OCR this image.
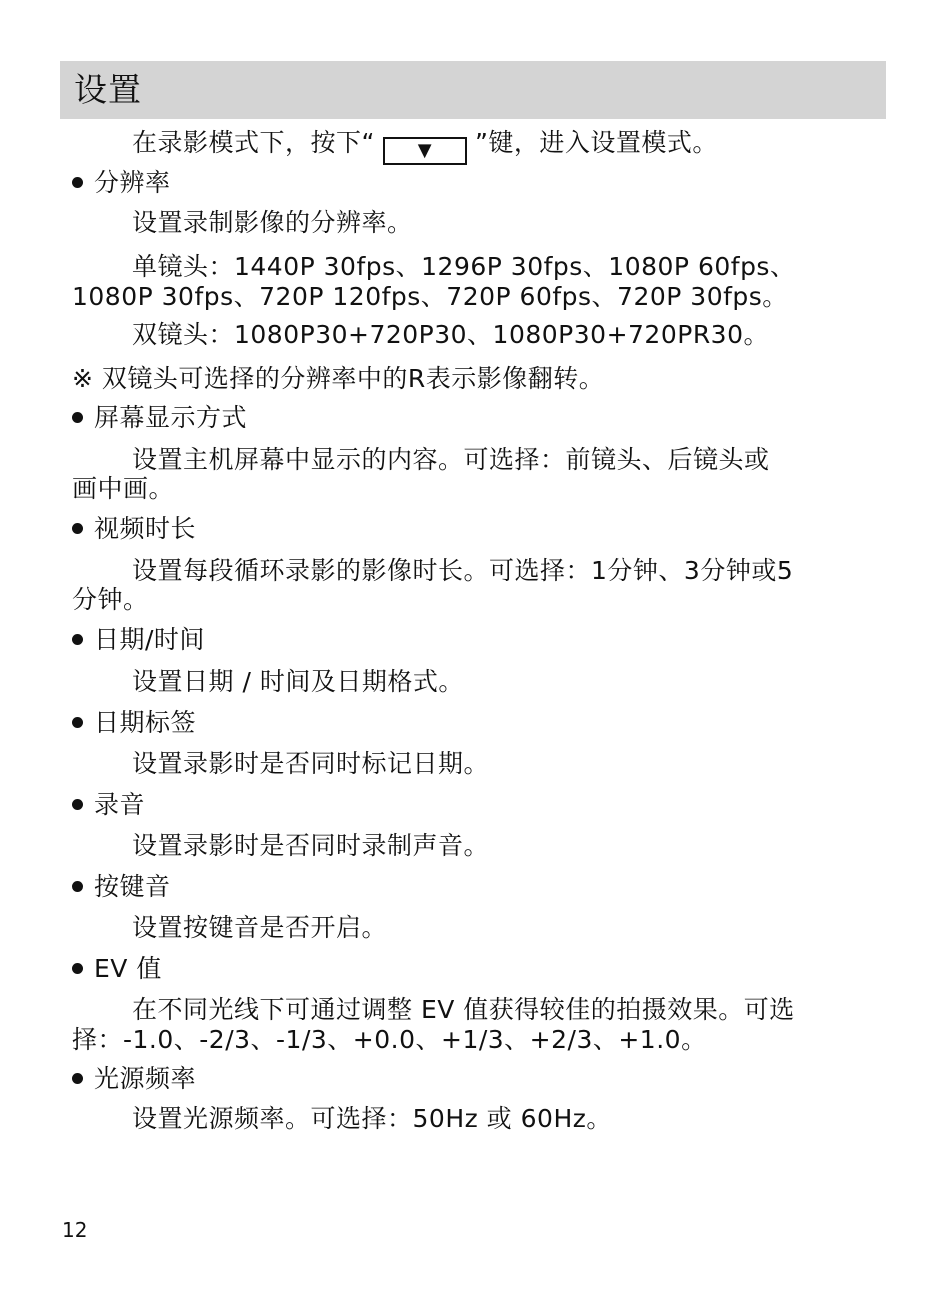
设置
在录影模式下，按下“ ▼ ”键，进入设置模式。
分辨率
设置录制影像的分辨率。
单镜头：1440P 30fps、1296P 30fps、1080P 60fps、
1080P 30fps、720P 120fps、720P 60fps、720P 30fps。
双镜头：1080P30+720P30、1080P30+720PR30。
※ 双镜头可选择的分辨率中的R表示影像翻转。
屏幕显示方式
设置主机屏幕中显示的内容。可选择：前镜头、后镜头或
画中画。
视频时长
设置每段循环录影的影像时长。可选择：1分钟、3分钟或5
分钟。
日期/时间
设置日期 / 时间及日期格式。
日期标签
设置录影时是否同时标记日期。
录音
设置录影时是否同时录制声音。
按键音
设置按键音是否开启。
EV 值
在不同光线下可通过调整 EV 值获得较佳的拍摄效果。可选
择：-1.0、-2/3、-1/3、+0.0、+1/3、+2/3、+1.0。
光源频率
设置光源频率。可选择：50Hz 或 60Hz。
12
